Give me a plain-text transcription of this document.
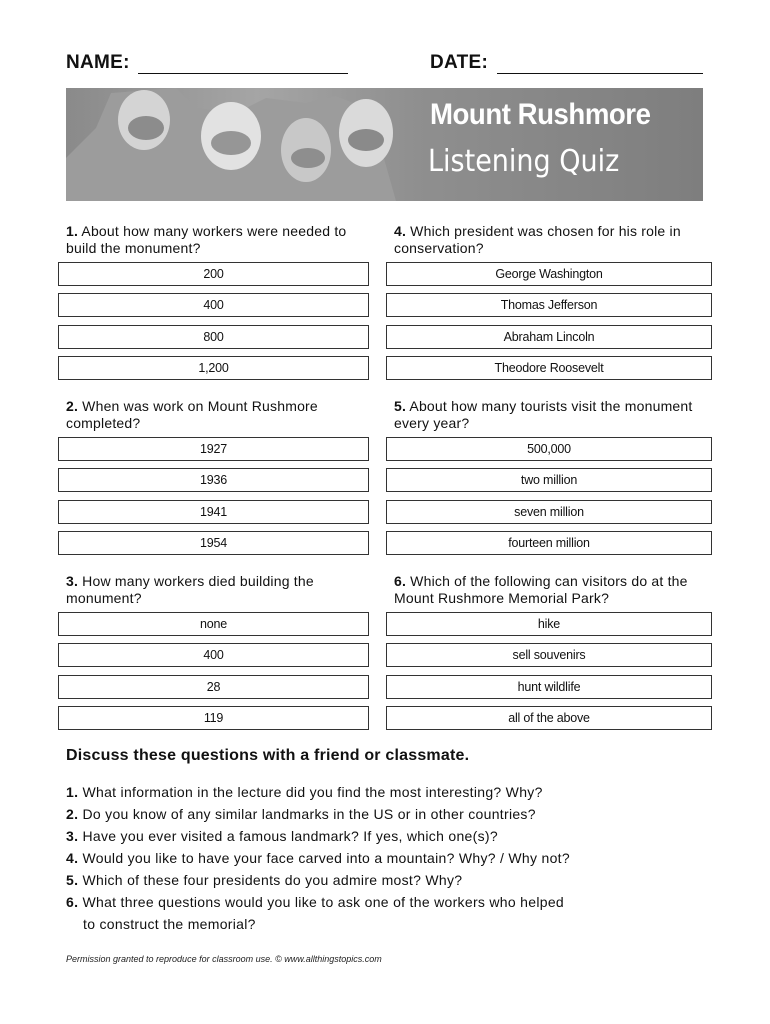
NAME:	DATE:
Mount Rushmore
Listening Quiz
1. About how many workers were needed to build the monument?
200
400
800
1,200
2. When was work on Mount Rushmore completed?
1927
1936
1941
1954
3. How many workers died building the monument?
none
400
28
119
4. Which president was chosen for his role in conservation?
George Washington
Thomas Jefferson
Abraham Lincoln
Theodore Roosevelt
5. About how many tourists visit the monument every year?
500,000
two million
seven million
fourteen million
6. Which of the following can visitors do at the Mount Rushmore Memorial Park?
hike
sell souvenirs
hunt wildlife
all of the above
Discuss these questions with a friend or classmate.
1. What information in the lecture did you find the most interesting? Why?
2. Do you know of any similar landmarks in the US or in other countries?
3. Have you ever visited a famous landmark? If yes, which one(s)?
4. Would you like to have your face carved into a mountain? Why? / Why not?
5. Which of these four presidents do you admire most? Why?
6. What three questions would you like to ask one of the workers who helped
to construct the memorial?
Permission granted to reproduce for classroom use. © www.allthingstopics.com
